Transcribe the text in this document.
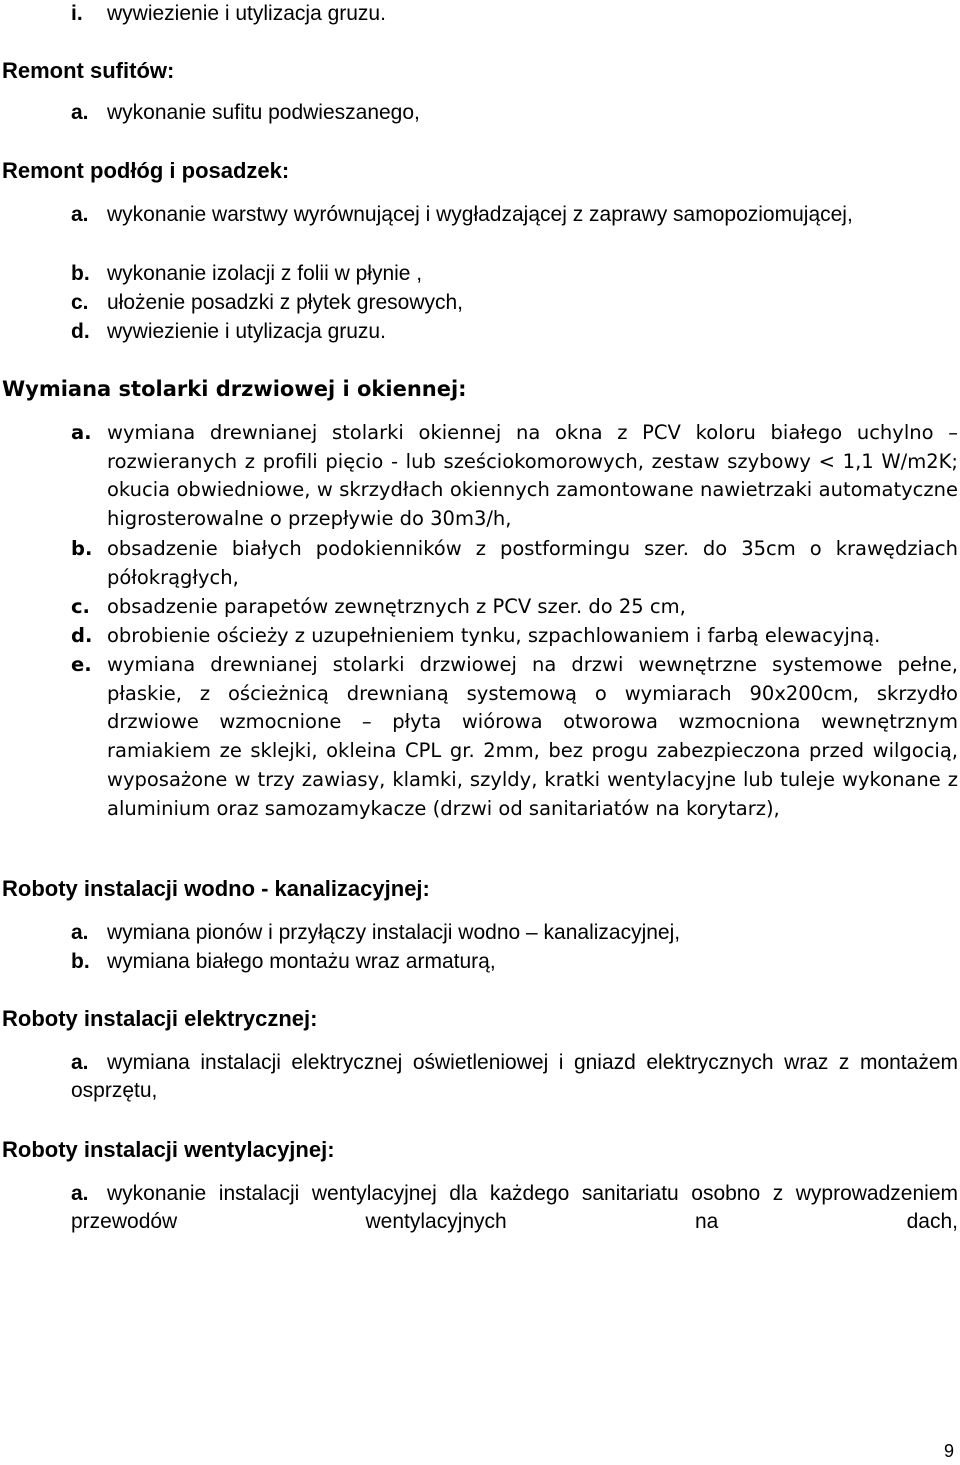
i.	wywiezienie i utylizacja gruzu.
Remont sufitów:
a. wykonanie sufitu podwieszanego,
Remont podłóg i posadzek:
a. wykonanie warstwy wyrównującej i wygładzającej z zaprawy samopoziomującej,
b. wykonanie izolacji z folii w płynie ,
c. ułożenie posadzki z płytek gresowych,
d. wywiezienie i utylizacja gruzu.
Wymiana stolarki drzwiowej i okiennej:
a. wymiana drewnianej stolarki okiennej na okna z PCV koloru białego uchylno – rozwieranych z profili pięcio - lub sześciokomorowych, zestaw szybowy < 1,1 W/m2K; okucia obwiedniowe, w skrzydłach okiennych zamontowane nawietrzaki automatyczne higrosterowalne o przepływie do 30m3/h,
b. obsadzenie białych podokienników z postformingu szer. do 35cm o krawędziach półokrągłych,
c. obsadzenie parapetów zewnętrznych z PCV szer. do 25 cm,
d. obrobienie ościeży z uzupełnieniem tynku, szpachlowaniem i farbą elewacyjną.
e. wymiana drewnianej stolarki drzwiowej na drzwi wewnętrzne systemowe pełne, płaskie, z ościeżnicą drewnianą systemową o wymiarach 90x200cm, skrzydło drzwiowe wzmocnione – płyta wiórowa otworowa wzmocniona wewnętrznym ramiakiem ze sklejki, okleina CPL gr. 2mm, bez progu zabezpieczona przed wilgocią, wyposażone w trzy zawiasy, klamki, szyldy, kratki wentylacyjne lub tuleje wykonane z aluminium oraz samozamykacze (drzwi od sanitariatów na korytarz),
Roboty instalacji wodno - kanalizacyjnej:
a. wymiana pionów i przyłączy instalacji wodno – kanalizacyjnej,
b. wymiana białego montażu wraz armaturą,
Roboty instalacji elektrycznej:
a. wymiana instalacji elektrycznej oświetleniowej i gniazd elektrycznych wraz z montażem osprzętu,
Roboty instalacji wentylacyjnej:
a. wykonanie instalacji wentylacyjnej dla każdego sanitariatu osobno z wyprowadzeniem przewodów wentylacyjnych na dach,
9
